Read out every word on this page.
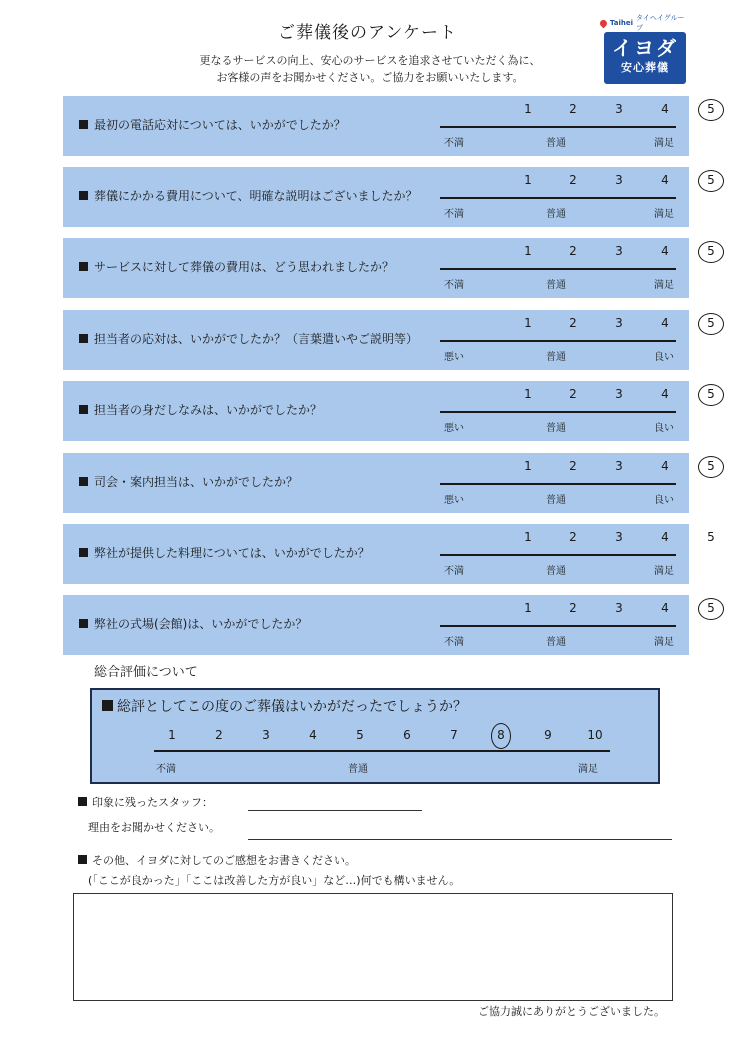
ご葬儀後のアンケート
更なるサービスの向上、安心のサービスを追求させていただく為に、
お客様の声をお聞かせください。ご協力をお願いいたします。
Taihei
タイヘイグループ
イヨダ
安心葬儀
最初の電話応対については、いかがでしたか？
1	2	3	4	5
不満	普通	満足
葬儀にかかる費用について、明確な説明はございましたか？
1	2	3	4	5
不満	普通	満足
サービスに対して葬儀の費用は、どう思われましたか？
1	2	3	4	5
不満	普通	満足
担当者の応対は、いかがでしたか？（言葉遣いやご説明等）
1	2	3	4	5
悪い	普通	良い
担当者の身だしなみは、いかがでしたか？
1	2	3	4	5
悪い	普通	良い
司会・案内担当は、いかがでしたか？
1	2	3	4	5
悪い	普通	良い
弊社が提供した料理については、いかがでしたか？
1	2	3	4	5
不満	普通	満足
弊社の式場(会館)は、いかがでしたか？
1	2	3	4	5
不満	普通	満足
総合評価について
総評としてこの度のご葬儀はいかがだったでしょうか？
不満	普通	満足
1	2	3	4	5	6	7	8	9	10
印象に残ったスタッフ：
理由をお聞かせください。
その他、イヨダに対してのご感想をお書きください。
(「ここが良かった」「ここは改善した方が良い」など…)何でも構いません。
ご協力誠にありがとうございました。
